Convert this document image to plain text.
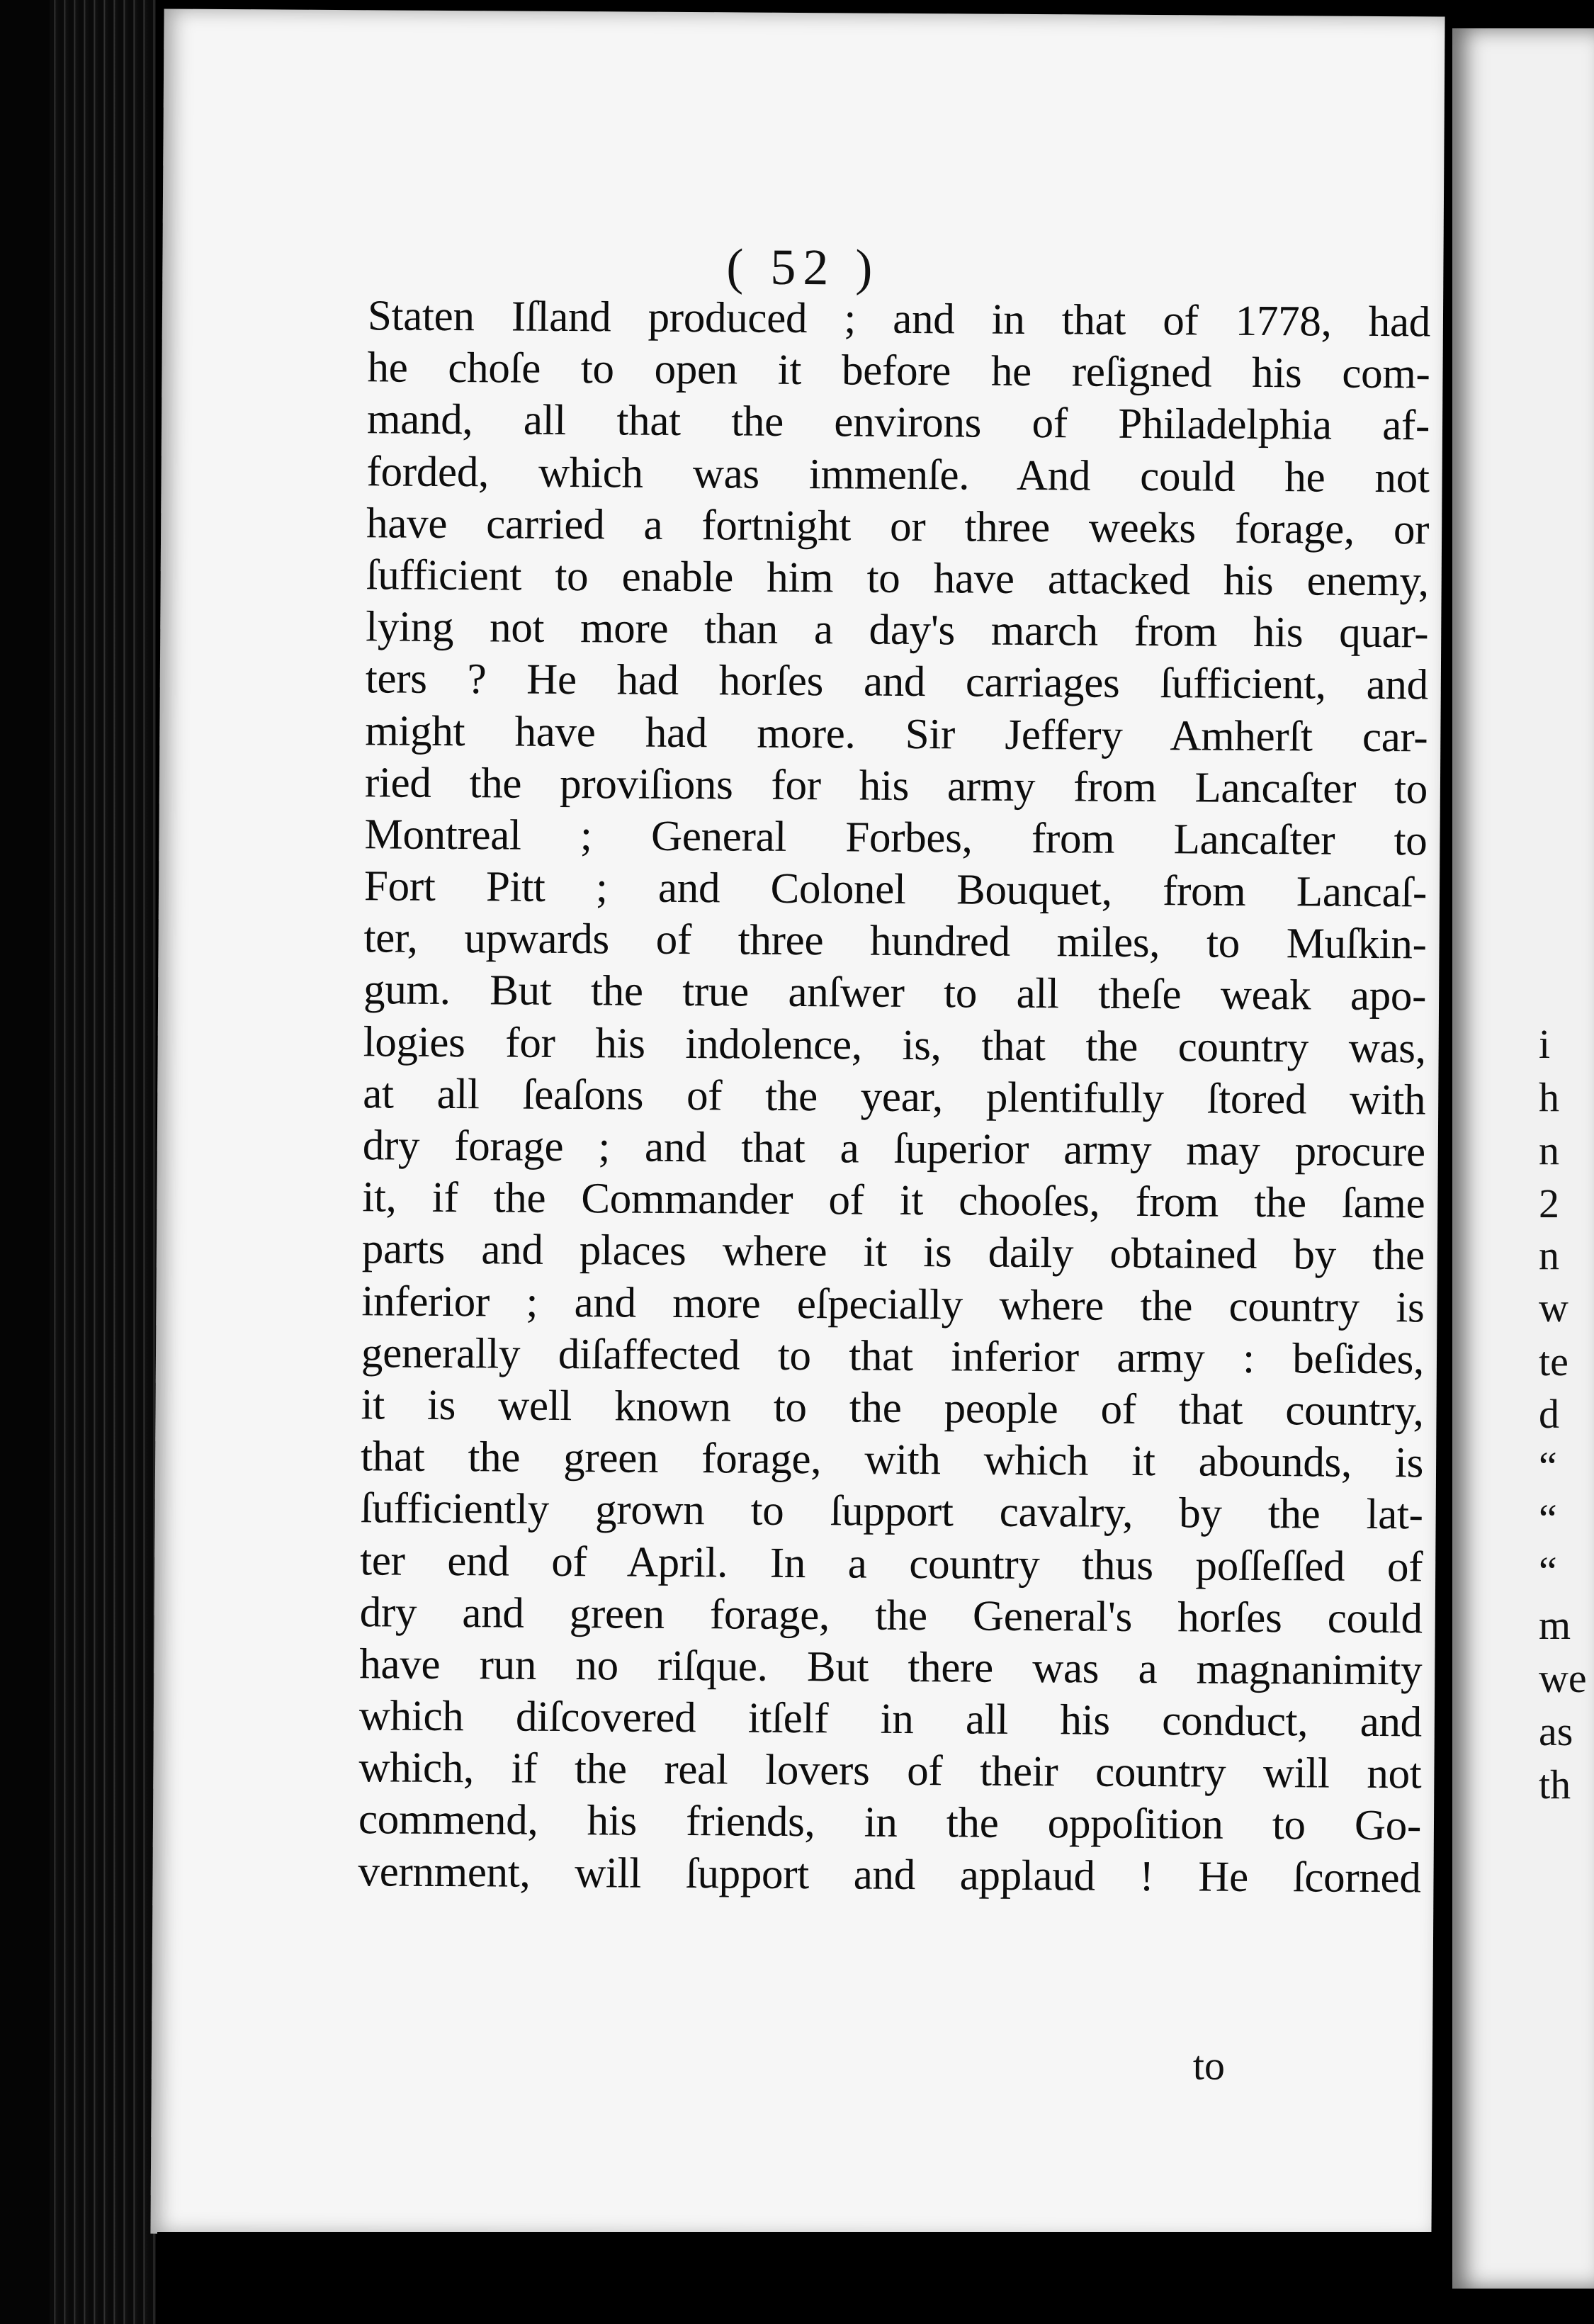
( 52 )
Staten Iſland produced ; and in that of 1778, had
he choſe to open it before he reſigned his com-
mand, all that the environs of Philadelphia af-
forded, which was immenſe. And could he not
have carried a fortnight or three weeks forage, or
ſufficient to enable him to have attacked his enemy,
lying not more than a day's march from his quar-
ters ? He had horſes and carriages ſufficient, and
might have had more. Sir Jeffery Amherſt car-
ried the proviſions for his army from Lancaſter to
Montreal ; General Forbes, from Lancaſter to
Fort Pitt ; and Colonel Bouquet, from Lancaſ-
ter, upwards of three hundred miles, to Muſkin-
gum. But the true anſwer to all theſe weak apo-
logies for his indolence, is, that the country was,
at all ſeaſons of the year, plentifully ſtored with
dry forage ; and that a ſuperior army may procure
it, if the Commander of it chooſes, from the ſame
parts and places where it is daily obtained by the
inferior ; and more eſpecially where the country is
generally diſaffected to that inferior army : beſides,
it is well known to the people of that country,
that the green forage, with which it abounds, is
ſufficiently grown to ſupport cavalry, by the lat-
ter end of April. In a country thus poſſeſſed of
dry and green forage, the General's horſes could
have run no riſque. But there was a magnanimity
which diſcovered itſelf in all his conduct, and
which, if the real lovers of their country will not
commend, his friends, in the oppoſition to Go-
vernment, will ſupport and applaud ! He ſcorned
to
i
h
n
2
n
w
te
d
“
“
“
m
we
as
th
